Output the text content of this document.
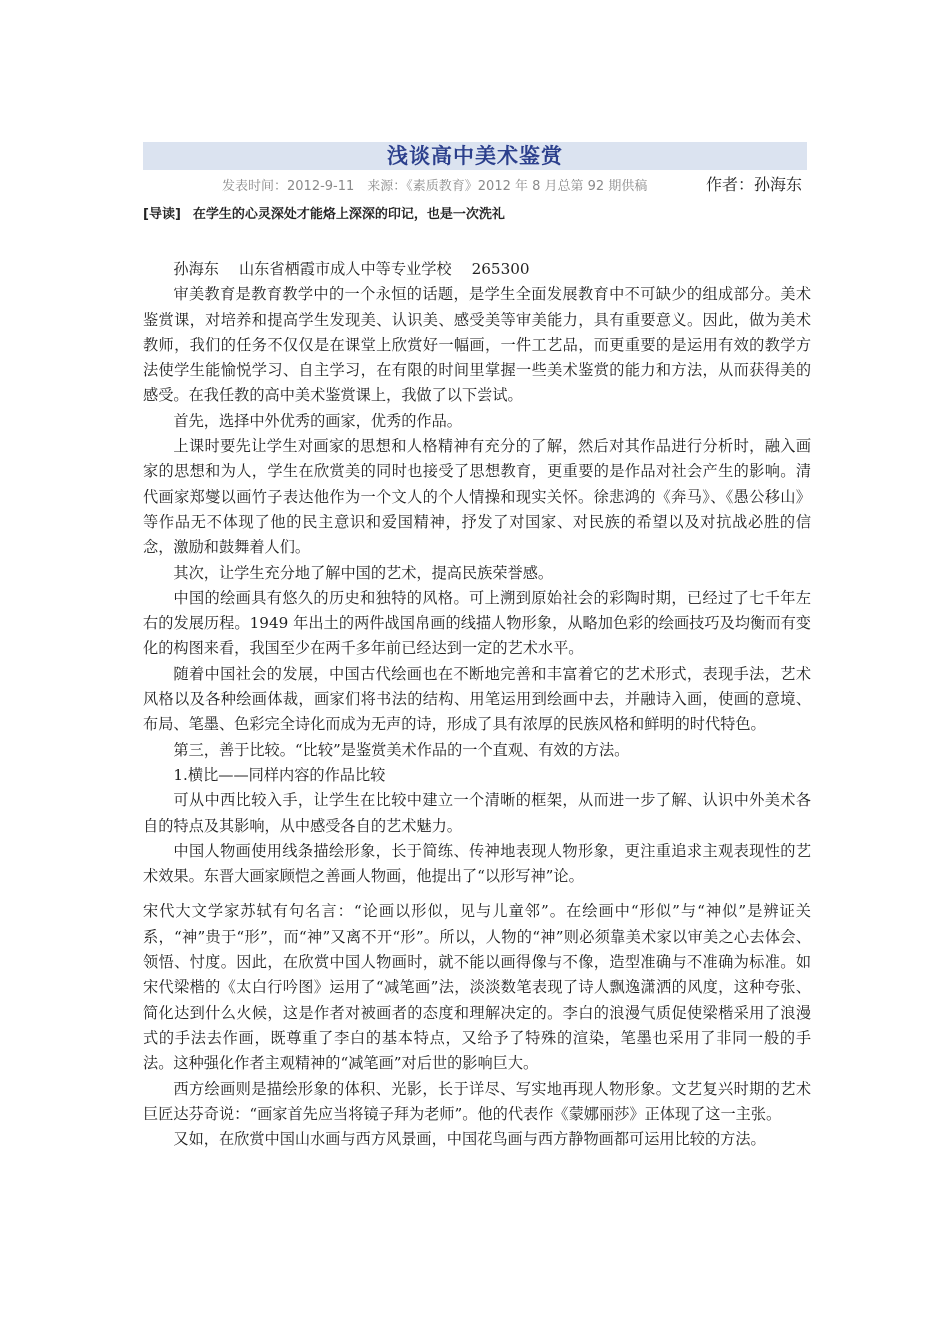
浅谈高中美术鉴赏
发表时间：2012-9-11　来源：《素质教育》2012 年 8 月总第 92 期供稿	作者：孙海东
[导读] 在学生的心灵深处才能烙上深深的印记，也是一次洗礼

孙海东 山东省栖霞市成人中等专业学校 265300

审美教育是教育教学中的一个永恒的话题，是学生全面发展教育中不可缺少的组成部分。美术鉴赏课，对培养和提高学生发现美、认识美、感受美等审美能力，具有重要意义。因此，做为美术教师，我们的任务不仅仅是在课堂上欣赏好一幅画，一件工艺品，而更重要的是运用有效的教学方法使学生能愉悦学习、自主学习，在有限的时间里掌握一些美术鉴赏的能力和方法，从而获得美的感受。在我任教的高中美术鉴赏课上，我做了以下尝试。

首先，选择中外优秀的画家，优秀的作品。

上课时要先让学生对画家的思想和人格精神有充分的了解，然后对其作品进行分析时，融入画家的思想和为人，学生在欣赏美的同时也接受了思想教育，更重要的是作品对社会产生的影响。清代画家郑燮以画竹子表达他作为一个文人的个人情操和现实关怀。徐悲鸿的《奔马》、《愚公移山》等作品无不体现了他的民主意识和爱国精神，抒发了对国家、对民族的希望以及对抗战必胜的信念，激励和鼓舞着人们。

其次，让学生充分地了解中国的艺术，提高民族荣誉感。

中国的绘画具有悠久的历史和独特的风格。可上溯到原始社会的彩陶时期，已经过了七千年左右的发展历程。1949 年出土的两件战国帛画的线描人物形象，从略加色彩的绘画技巧及均衡而有变化的构图来看，我国至少在两千多年前已经达到一定的艺术水平。

随着中国社会的发展，中国古代绘画也在不断地完善和丰富着它的艺术形式，表现手法，艺术风格以及各种绘画体裁，画家们将书法的结构、用笔运用到绘画中去，并融诗入画，使画的意境、布局、笔墨、色彩完全诗化而成为无声的诗，形成了具有浓厚的民族风格和鲜明的时代特色。

第三，善于比较。“比较”是鉴赏美术作品的一个直观、有效的方法。

1.横比——同样内容的作品比较

可从中西比较入手，让学生在比较中建立一个清晰的框架，从而进一步了解、认识中外美术各自的特点及其影响，从中感受各自的艺术魅力。

中国人物画使用线条描绘形象，长于简练、传神地表现人物形象，更注重追求主观表现性的艺术效果。东晋大画家顾恺之善画人物画，他提出了“以形写神”论。

宋代大文学家苏轼有句名言：“论画以形似，见与儿童邻”。在绘画中“形似”与“神似”是辨证关系，“神”贵于“形”，而“神”又离不开“形”。所以，人物的“神”则必须靠美术家以审美之心去体会、领悟、忖度。因此，在欣赏中国人物画时，就不能以画得像与不像，造型准确与不准确为标准。如宋代梁楷的《太白行吟图》运用了“减笔画”法，淡淡数笔表现了诗人飘逸潇洒的风度，这种夸张、简化达到什么火候，这是作者对被画者的态度和理解决定的。李白的浪漫气质促使梁楷采用了浪漫式的手法去作画，既尊重了李白的基本特点，又给予了特殊的渲染，笔墨也采用了非同一般的手法。这种强化作者主观精神的“减笔画”对后世的影响巨大。

西方绘画则是描绘形象的体积、光影，长于详尽、写实地再现人物形象。文艺复兴时期的艺术巨匠达芬奇说：“画家首先应当将镜子拜为老师”。他的代表作《蒙娜丽莎》正体现了这一主张。

又如，在欣赏中国山水画与西方风景画，中国花鸟画与西方静物画都可运用比较的方法。
